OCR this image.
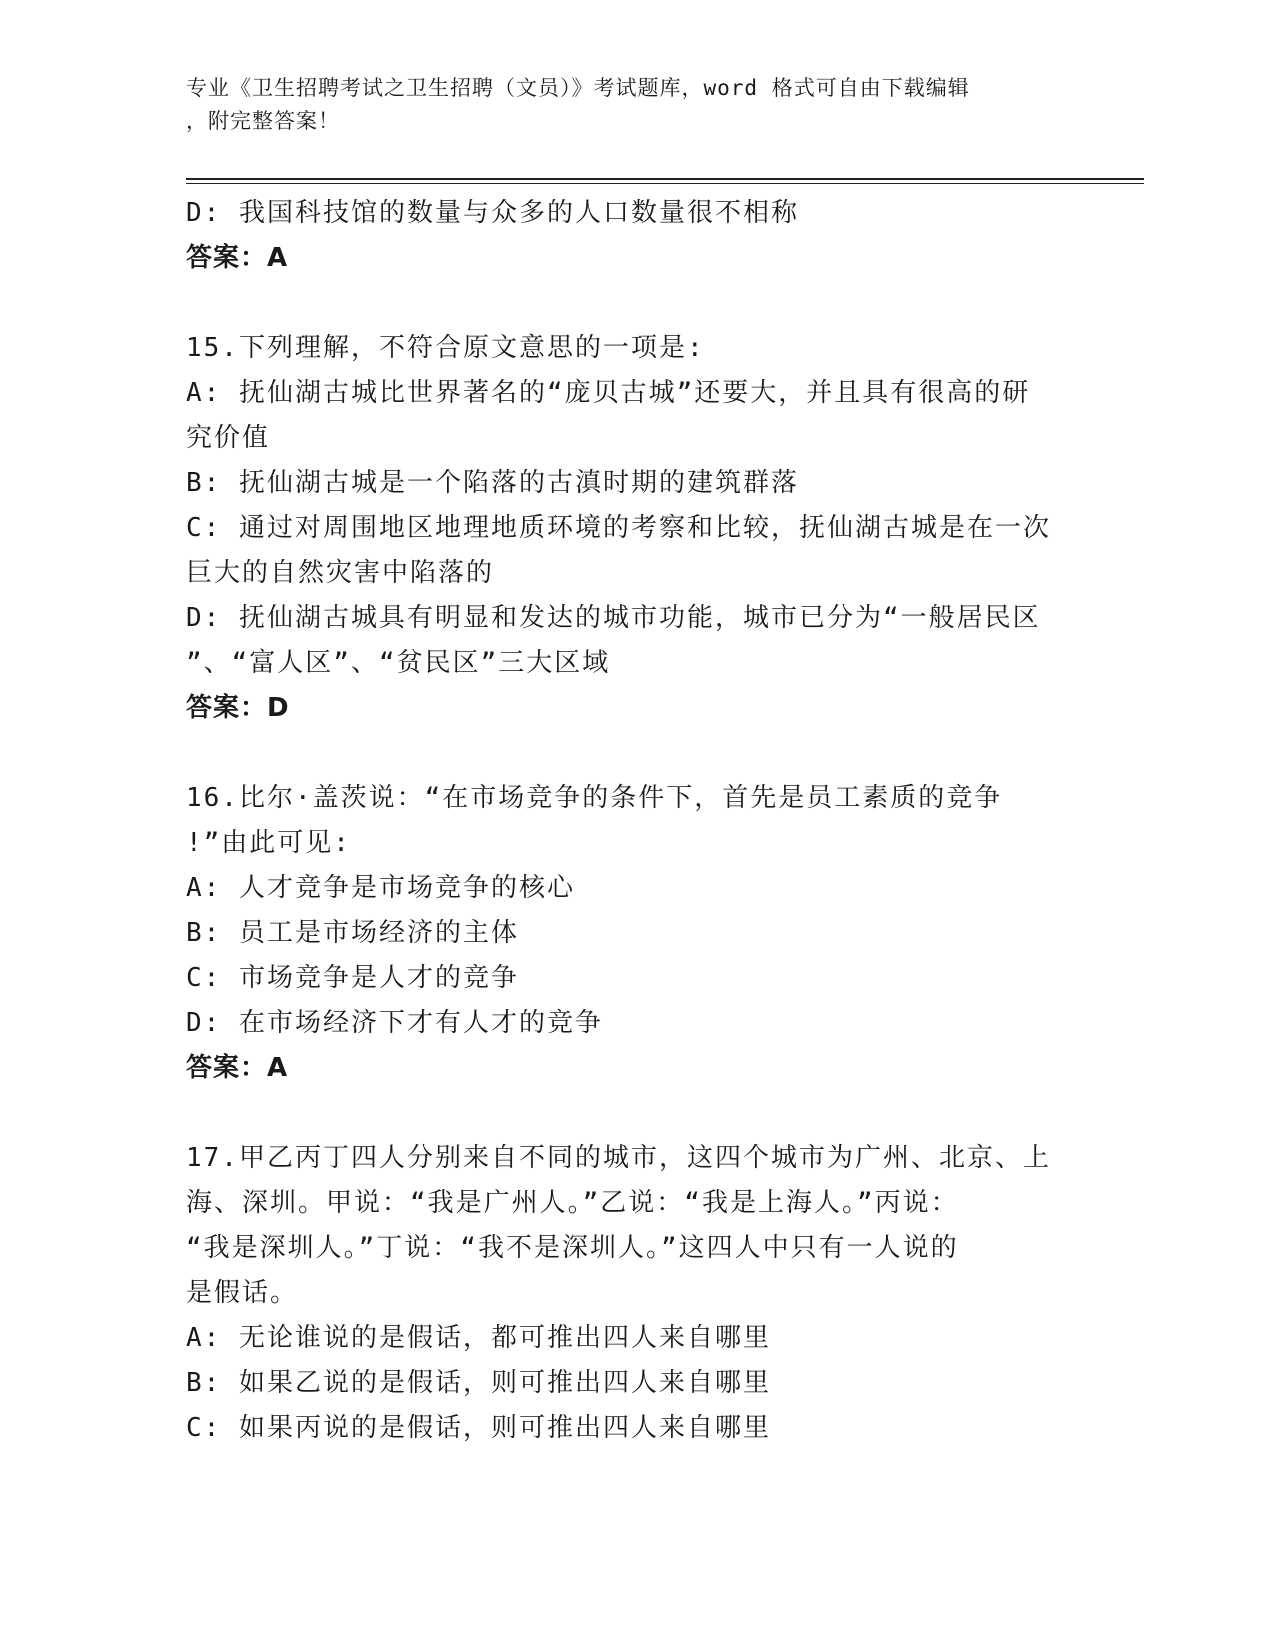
专业《卫生招聘考试之卫生招聘（文员）》考试题库，word 格式可自由下载编辑
，附完整答案！
D: 我国科技馆的数量与众多的人口数量很不相称
答案：A
15.下列理解，不符合原文意思的一项是:
A: 抚仙湖古城比世界著名的“庞贝古城”还要大，并且具有很高的研
究价值
B: 抚仙湖古城是一个陷落的古滇时期的建筑群落
C: 通过对周围地区地理地质环境的考察和比较，抚仙湖古城是在一次
巨大的自然灾害中陷落的
D: 抚仙湖古城具有明显和发达的城市功能，城市已分为“一般居民区
”、“富人区”、“贫民区”三大区域
答案：D
16.比尔·盖茨说：“在市场竞争的条件下，首先是员工素质的竞争
!”由此可见:
A: 人才竞争是市场竞争的核心
B: 员工是市场经济的主体
C: 市场竞争是人才的竞争
D: 在市场经济下才有人才的竞争
答案：A
17.甲乙丙丁四人分别来自不同的城市，这四个城市为广州、北京、上
海、深圳。甲说：“我是广州人。”乙说：“我是上海人。”丙说：
“我是深圳人。”丁说：“我不是深圳人。”这四人中只有一人说的
是假话。
A: 无论谁说的是假话，都可推出四人来自哪里
B: 如果乙说的是假话，则可推出四人来自哪里
C: 如果丙说的是假话，则可推出四人来自哪里
